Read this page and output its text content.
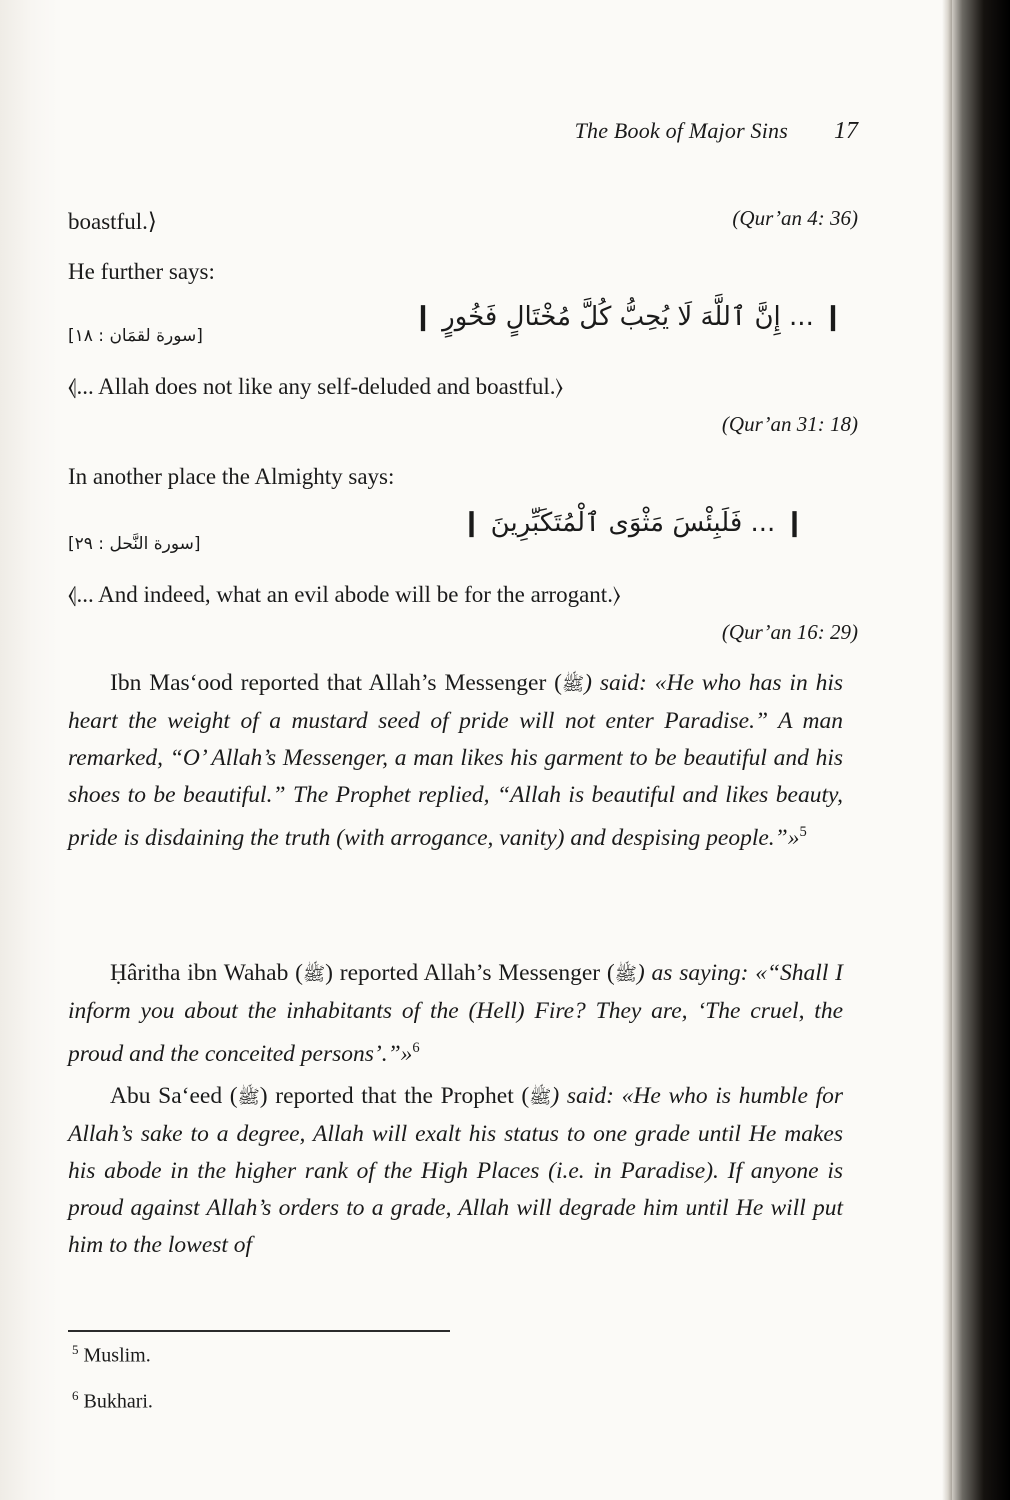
The Book of Major Sins 17
boastful.⟩	(Qur’an 4: 36)
He further says:
❙ ... إِنَّ ٱللَّهَ لَا يُحِبُّ كُلَّ مُخْتَالٍ فَخُورٍ ❙
[سورة لقمَان : ١٨]
⦉... Allah does not like any self-deluded and boastful.⟩
(Qur’an 31: 18)
In another place the Almighty says:
❙ ... فَلَبِئْسَ مَثْوَى ٱلْمُتَكَبِّرِينَ ❙
[سورة النَّحل : ٢٩]
⦉... And indeed, what an evil abode will be for the arrogant.⟩
(Qur’an 16: 29)
Ibn Mas‘ood reported that Allah’s Messenger (ﷺ) said: «He who has in his heart the weight of a mustard seed of pride will not enter Paradise.” A man remarked, “O’ Allah’s Messenger, a man likes his garment to be beautiful and his shoes to be beautiful.” The Prophet replied, “Allah is beautiful and likes beauty, pride is disdaining the truth (with arrogance, vanity) and despising people.”»$^5$
Ḥâritha ibn Wahab (ﷺ) reported Allah’s Messenger (ﷺ) as saying: «“Shall I inform you about the inhabitants of the (Hell) Fire? They are, ‘The cruel, the proud and the conceited persons’.”»$^6$
Abu Sa‘eed (ﷺ) reported that the Prophet (ﷺ) said: «He who is humble for Allah’s sake to a degree, Allah will exalt his status to one grade until He makes his abode in the higher rank of the High Places (i.e. in Paradise). If anyone is proud against Allah’s orders to a grade, Allah will degrade him until He will put him to the lowest of
$^5$ Muslim.
$^6$ Bukhari.
